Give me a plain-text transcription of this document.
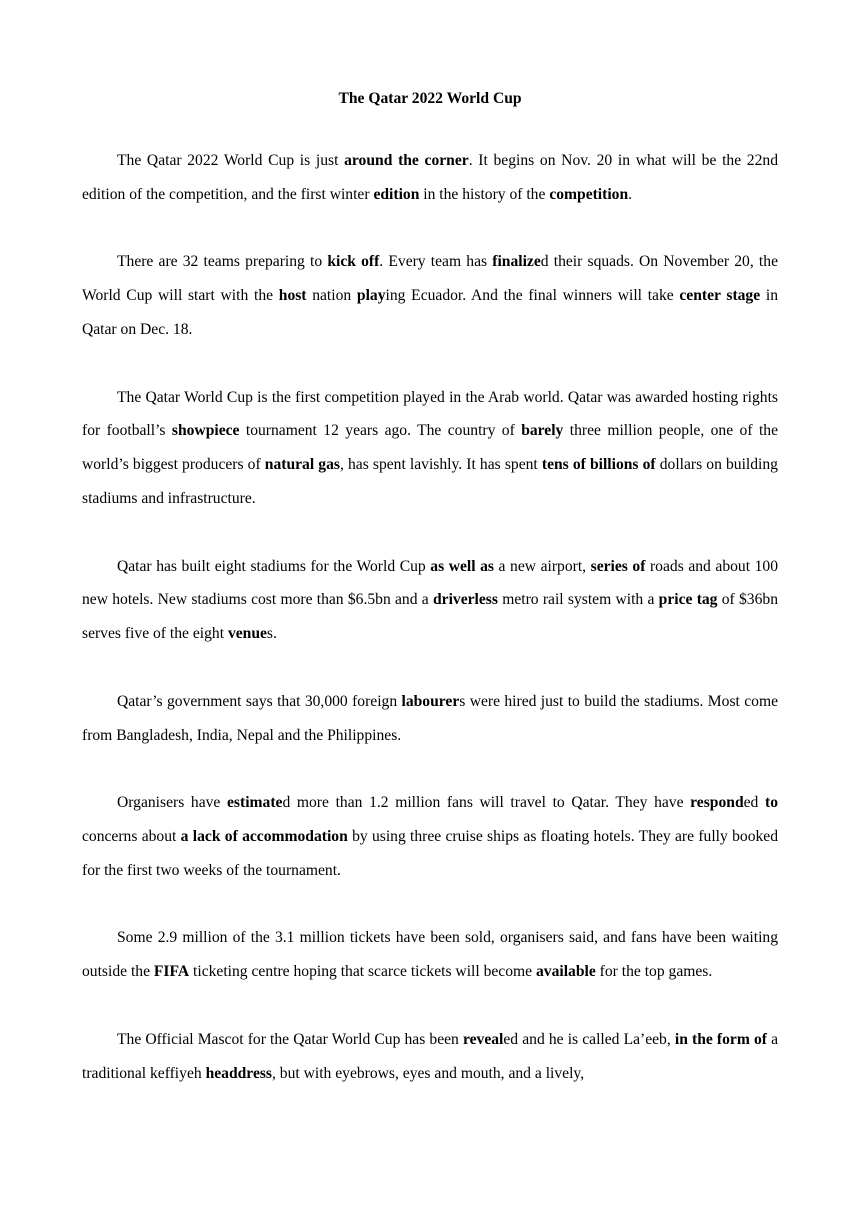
The Qatar 2022 World Cup

The Qatar 2022 World Cup is just around the corner. It begins on Nov. 20 in what will be the 22nd edition of the competition, and the first winter edition in the history of the competition.

There are 32 teams preparing to kick off. Every team has finalized their squads. On November 20, the World Cup will start with the host nation playing Ecuador. And the final winners will take center stage in Qatar on Dec. 18.

The Qatar World Cup is the first competition played in the Arab world. Qatar was awarded hosting rights for football’s showpiece tournament 12 years ago. The country of barely three million people, one of the world’s biggest producers of natural gas, has spent lavishly. It has spent tens of billions of dollars on building stadiums and infrastructure.

Qatar has built eight stadiums for the World Cup as well as a new airport, series of roads and about 100 new hotels. New stadiums cost more than $6.5bn and a driverless metro rail system with a price tag of $36bn serves five of the eight venues.

Qatar’s government says that 30,000 foreign labourers were hired just to build the stadiums. Most come from Bangladesh, India, Nepal and the Philippines.

Organisers have estimated more than 1.2 million fans will travel to Qatar. They have responded to concerns about a lack of accommodation by using three cruise ships as floating hotels. They are fully booked for the first two weeks of the tournament.

Some 2.9 million of the 3.1 million tickets have been sold, organisers said, and fans have been waiting outside the FIFA ticketing centre hoping that scarce tickets will become available for the top games.

The Official Mascot for the Qatar World Cup has been revealed and he is called La’eeb, in the form of a traditional keffiyeh headdress, but with eyebrows, eyes and mouth, and a lively,
